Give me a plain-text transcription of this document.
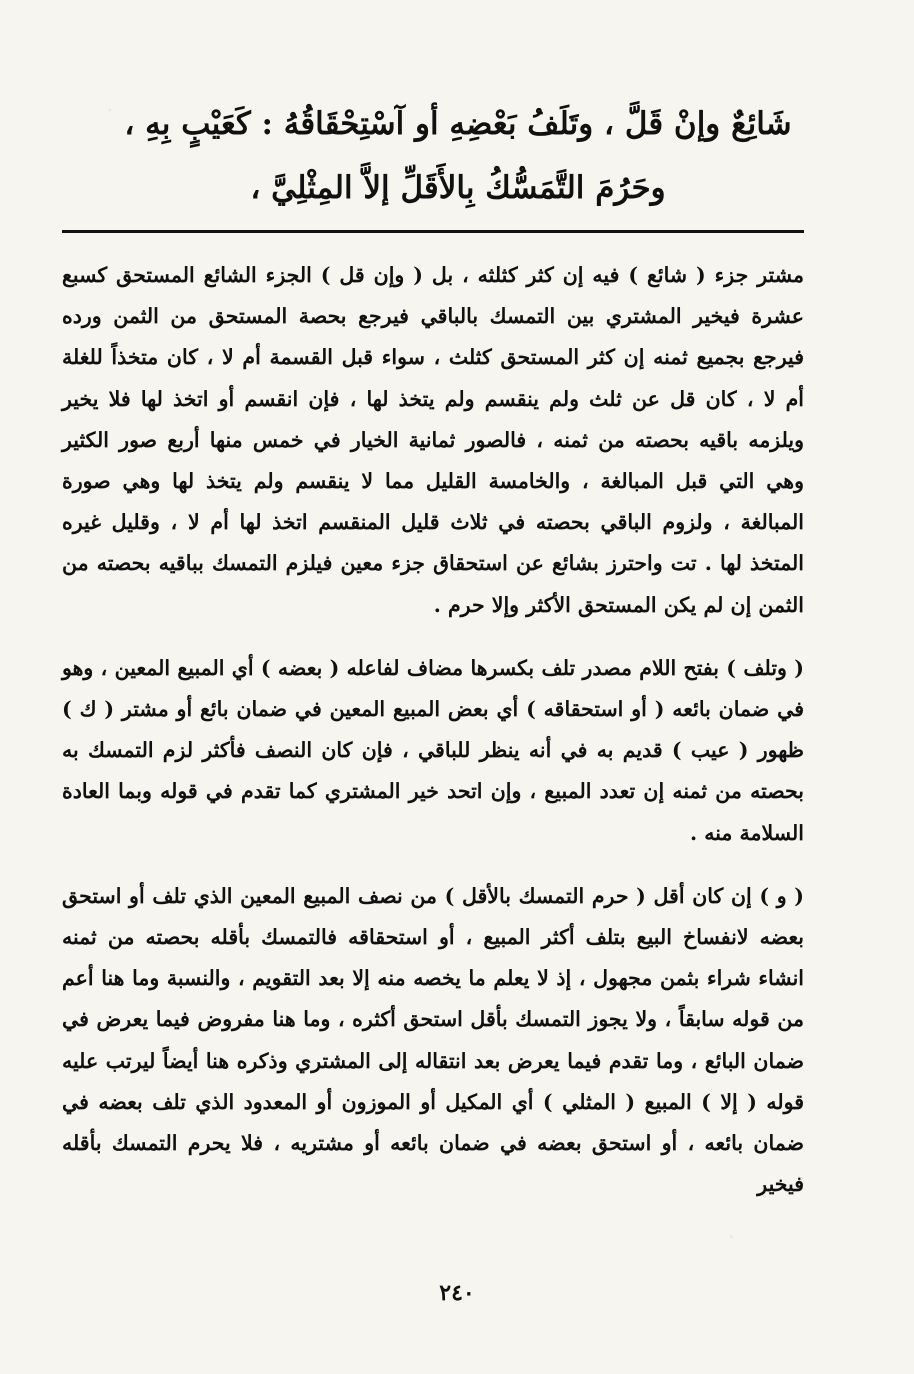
شَائِعٌ وإنْ قَلَّ ، وتَلَفُ بَعْضِهِ أو آسْتِحْقَاقُهُ : كَعَيْبٍ بِهِ ، وحَرُمَ التَّمَسُّكُ بِالأَقَلِّ إلاَّ المِثْلِيَّ ،

مشتر جزء ( شائع ) فيه إن كثر كثلثه ، بل ( وإن قل ) الجزء الشائع المستحق كسبع عشرة فيخير المشتري بين التمسك بالباقي فيرجع بحصة المستحق من الثمن ورده فيرجع بجميع ثمنه إن كثر المستحق كثلث ، سواء قبل القسمة أم لا ، كان متخذاً للغلة أم لا ، كان قل عن ثلث ولم ينقسم ولم يتخذ لها ، فإن انقسم أو اتخذ لها فلا يخير ويلزمه باقيه بحصته من ثمنه ، فالصور ثمانية الخيار في خمس منها أربع صور الكثير وهي التي قبل المبالغة ، والخامسة القليل مما لا ينقسم ولم يتخذ لها وهي صورة المبالغة ، ولزوم الباقي بحصته في ثلاث قليل المنقسم اتخذ لها أم لا ، وقليل غيره المتخذ لها . تت واحترز بشائع عن استحقاق جزء معين فيلزم التمسك بباقيه بحصته من الثمن إن لم يكن المستحق الأكثر وإلا حرم .

( وتلف ) بفتح اللام مصدر تلف بكسرها مضاف لفاعله ( بعضه ) أي المبيع المعين ، وهو في ضمان بائعه ( أو استحقاقه ) أي بعض المبيع المعين في ضمان بائع أو مشتر ( ك ) ظهور ( عيب ) قديم به في أنه ينظر للباقي ، فإن كان النصف فأكثر لزم التمسك به بحصته من ثمنه إن تعدد المبيع ، وإن اتحد خير المشتري كما تقدم في قوله وبما العادة السلامة منه .

( و ) إن كان أقل ( حرم التمسك بالأقل ) من نصف المبيع المعين الذي تلف أو استحق بعضه لانفساخ البيع بتلف أكثر المبيع ، أو استحقاقه فالتمسك بأقله بحصته من ثمنه انشاء شراء بثمن مجهول ، إذ لا يعلم ما يخصه منه إلا بعد التقويم ، والنسبة وما هنا أعم من قوله سابقاً ، ولا يجوز التمسك بأقل استحق أكثره ، وما هنا مفروض فيما يعرض في ضمان البائع ، وما تقدم فيما يعرض بعد انتقاله إلى المشتري وذكره هنا أيضاً ليرتب عليه قوله ( إلا ) المبيع ( المثلي ) أي المكيل أو الموزون أو المعدود الذي تلف بعضه في ضمان بائعه ، أو استحق بعضه في ضمان بائعه أو مشتريه ، فلا يحرم التمسك بأقله فيخير

٢٤٠
